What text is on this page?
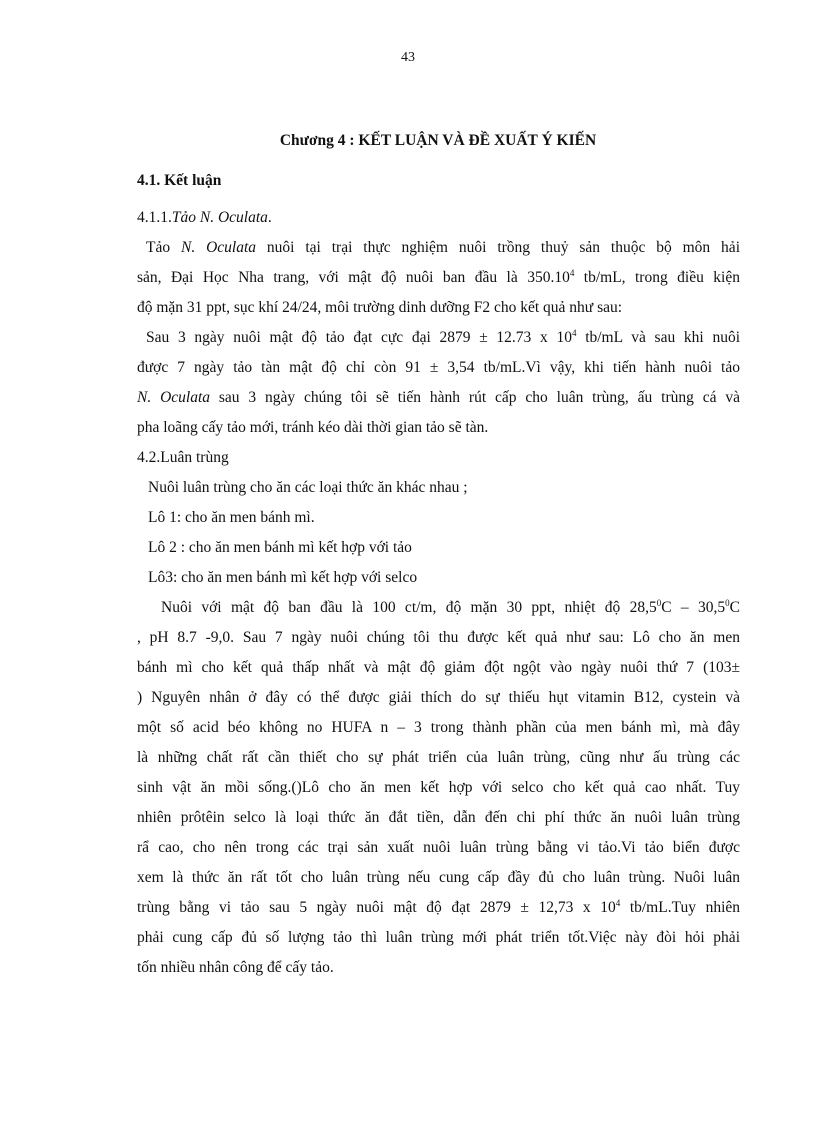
43
Chương 4 : KẾT LUẬN VÀ ĐỀ XUẤT Ý KIẾN
4.1. Kết luận
4.1.1.Tảo N. Oculata.
Tảo N. Oculata nuôi tại trại thực nghiệm nuôi trồng thuỷ sản thuộc bộ môn hải
sản, Đại Học Nha trang, với mật độ nuôi ban đầu là 350.10$^4$ tb/mL, trong điều kiện
độ mặn 31 ppt, sục khí 24/24, môi trường dinh dưỡng F2 cho kết quả như sau:
Sau 3 ngày nuôi mật độ tảo đạt cực đại 2879 ± 12.73 x $10^4$ tb/mL và sau khi nuôi
được 7 ngày tảo tàn mật độ chỉ còn 91 ± 3,54 tb/mL.Vì vậy, khi tiến hành nuôi tảo
N. Oculata sau 3 ngày chúng tôi sẽ tiến hành rút cấp cho luân trùng, ấu trùng cá và
pha loãng cấy tảo mới, tránh kéo dài thời gian tảo sẽ tàn.
4.2.Luân trùng
Nuôi luân trùng cho ăn các loại thức ăn khác nhau ;
Lô 1: cho ăn men bánh mì.
Lô 2 : cho ăn men bánh mì kết hợp với tảo
Lô3: cho ăn men bánh mì kết hợp với selco
Nuôi với mật độ ban đầu là 100 ct/m, độ mặn 30 ppt, nhiệt độ 28,5$^0$C – 30,5$^0$C
, pH 8.7 -9,0. Sau 7 ngày nuôi chúng tôi thu được kết quả như sau: Lô cho ăn men
bánh mì cho kết quả thấp nhất và mật độ giảm đột ngột vào ngày nuôi thứ 7 (103±
) Nguyên nhân ở đây có thể được giải thích do sự thiếu hụt vitamin B12, cystein và
một số acid béo không no HUFA n – 3 trong thành phần của men bánh mì, mà đây
là những chất rất cần thiết cho sự phát triển của luân trùng, cũng như ấu trùng các
sinh vật ăn mồi sống.()Lô cho ăn men kết hợp với selco cho kết quả cao nhất. Tuy
nhiên prôtêin selco là loại thức ăn đắt tiền, dẫn đến chi phí thức ăn nuôi luân trùng
rẩ cao, cho nên trong các trại sản xuất nuôi luân trùng bằng vi tảo.Vi tảo biển được
xem là thức ăn rất tốt cho luân trùng nếu cung cấp đầy đủ cho luân trùng. Nuôi luân
trùng bằng vi tảo sau 5 ngày nuôi mật độ đạt 2879 ± 12,73 x $10^4$ tb/mL.Tuy nhiên
phải cung cấp đủ số lượng tảo thì luân trùng mới phát triển tốt.Việc này đòi hỏi phải
tốn nhiều nhân công để cấy tảo.
